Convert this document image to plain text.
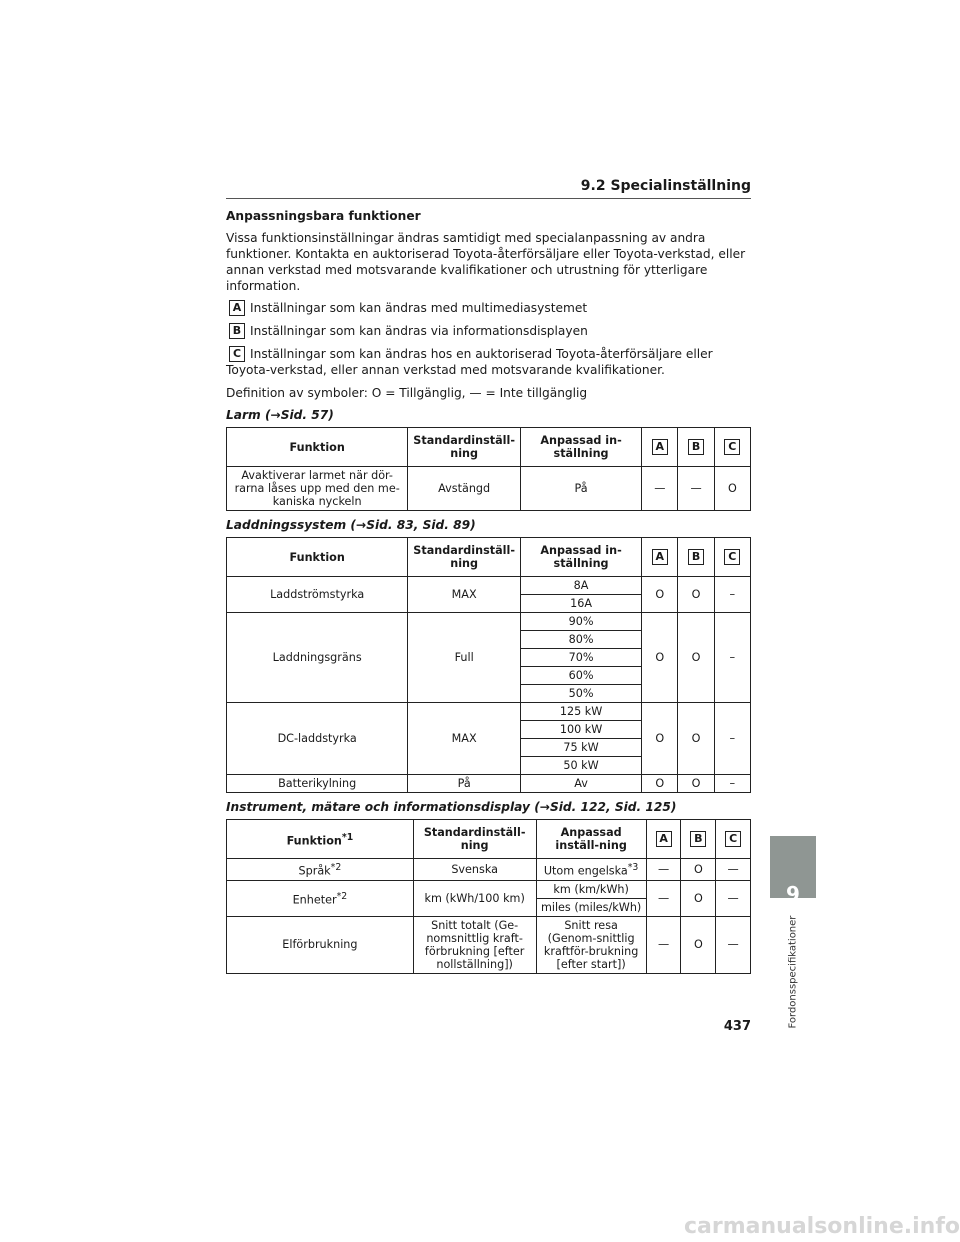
9.2 Specialinställning
Anpassningsbara funktioner
Vissa funktionsinställningar ändras samtidigt med specialanpassning av andra funktioner. Kontakta en auktoriserad Toyota-återförsäljare eller Toyota-verkstad, eller annan verkstad med motsvarande kvalifikationer och utrustning för ytterligare information.
A Inställningar som kan ändras med multimediasystemet
B Inställningar som kan ändras via informationsdisplayen
C Inställningar som kan ändras hos en auktoriserad Toyota-återförsäljare eller Toyota-verkstad, eller annan verkstad med motsvarande kvalifikationer.
Definition av symboler: O = Tillgänglig, — = Inte tillgänglig
Larm (→Sid. 57)
Funktion	Standardinställ-ning	Anpassad in-ställning	A	B	C
Avaktiverar larmet när dör-rarna låses upp med den me-kaniska nyckeln	Avstängd	På	—	—	O
Laddningssystem (→Sid. 83, Sid. 89)
Funktion	Standardinställ-ning	Anpassad in-ställning	A	B	C
Laddströmstyrka	MAX	8A	O	O	–
		16A			
Laddningsgräns	Full	90%	O	O	–
		80%			
		70%			
		60%			
		50%			
DC-laddstyrka	MAX	125 kW	O	O	–
		100 kW			
		75 kW			
		50 kW			
Batterikylning	På	Av	O	O	–
Instrument, mätare och informationsdisplay (→Sid. 122, Sid. 125)
Funktion$^{*1}$	Standardinställ-ning	Anpassad inställ-ning	A	B	C
Språk$^{*2}$	Svenska	Utom engelska$^{*3}$	—	O	—
Enheter$^{*2}$	km (kWh/100 km)	km (km/kWh)	—	O	—
		miles (miles/kWh)			
Elförbrukning	Snitt totalt (Ge-nomsnittlig kraft-förbrukning [efter nollställning])	Snitt resa (Genom-snittlig kraftför-brukning [efter start])	—	O	—
9
Fordonsspecifikationer
437
carmanualsonline.info
